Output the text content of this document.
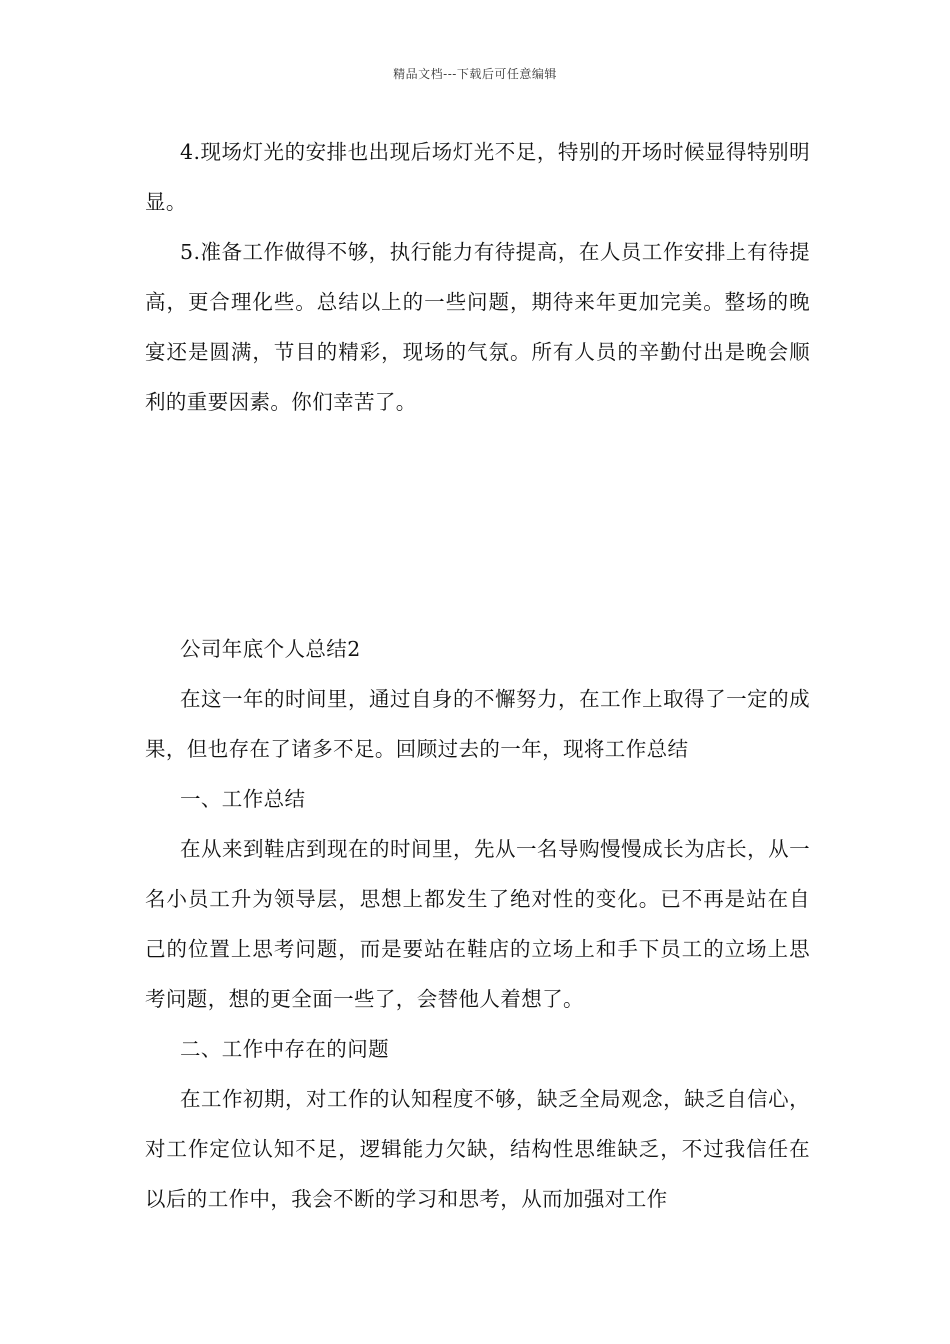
精品文档---下载后可任意编辑

4.现场灯光的安排也出现后场灯光不足，特别的开场时候显得特别明显。

5.准备工作做得不够，执行能力有待提高，在人员工作安排上有待提高，更合理化些。总结以上的一些问题，期待来年更加完美。整场的晚宴还是圆满，节目的精彩，现场的气氛。所有人员的辛勤付出是晚会顺利的重要因素。你们幸苦了。

公司年底个人总结2

在这一年的时间里，通过自身的不懈努力，在工作上取得了一定的成果，但也存在了诸多不足。回顾过去的一年，现将工作总结

一、工作总结

在从来到鞋店到现在的时间里，先从一名导购慢慢成长为店长，从一名小员工升为领导层，思想上都发生了绝对性的变化。已不再是站在自己的位置上思考问题，而是要站在鞋店的立场上和手下员工的立场上思考问题，想的更全面一些了，会替他人着想了。

二、工作中存在的问题

在工作初期，对工作的认知程度不够，缺乏全局观念，缺乏自信心，对工作定位认知不足，逻辑能力欠缺，结构性思维缺乏，不过我信任在以后的工作中，我会不断的学习和思考，从而加强对工作
